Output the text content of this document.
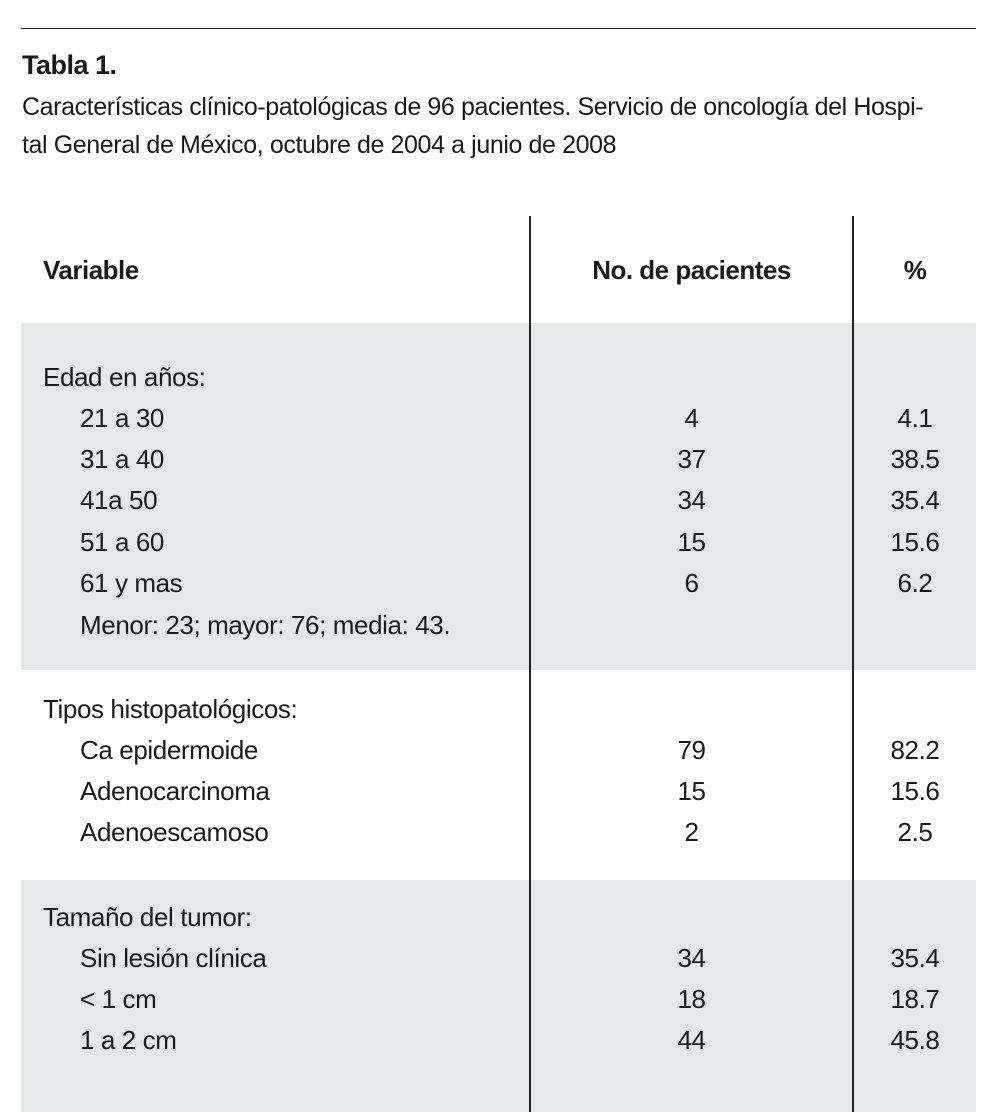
Tabla 1.
Características clínico-patológicas de 96 pacientes. Servicio de oncología del Hospi-
tal General de México, octubre de 2004 a junio de 2008
Variable	No. de pacientes	%
Edad en años:
21 a 30	4	4.1
31 a 40	37	38.5
41a 50	34	35.4
51 a 60	15	15.6
61 y mas	6	6.2
Menor: 23; mayor: 76; media: 43.
Tipos histopatológicos:
Ca epidermoide	79	82.2
Adenocarcinoma	15	15.6
Adenoescamoso	2	2.5
Tamaño del tumor:
Sin lesión clínica	34	35.4
< 1 cm	18	18.7
1 a 2 cm	44	45.8
